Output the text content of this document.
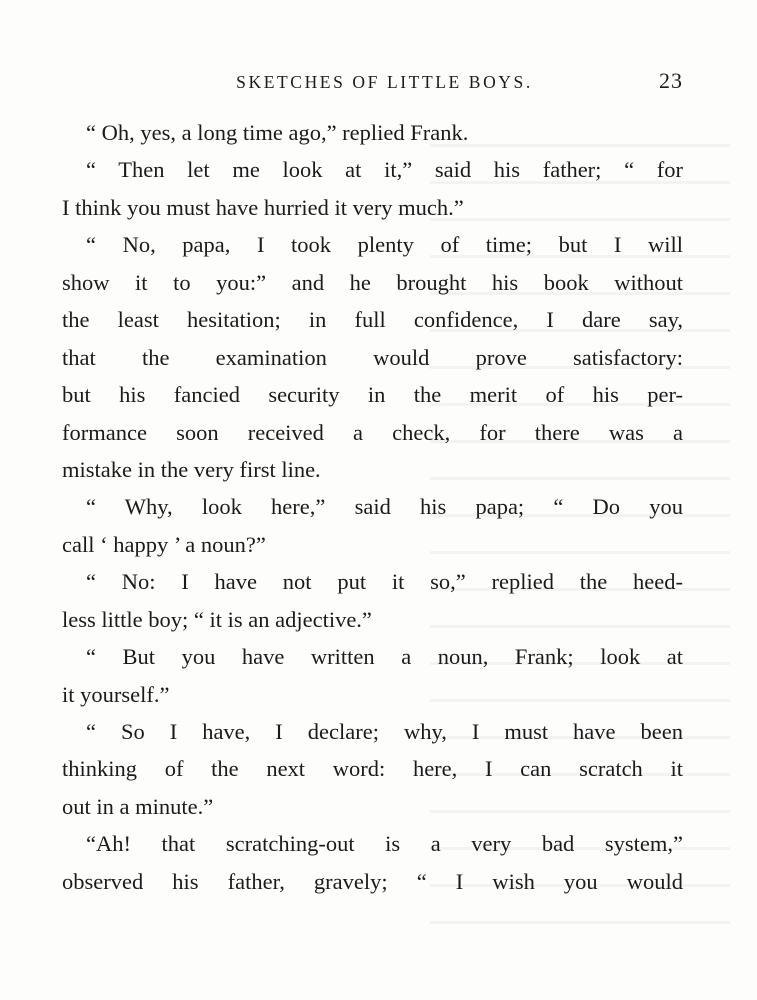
SKETCHES OF LITTLE BOYS.	23
“ Oh, yes, a long time ago,” replied Frank.
“ Then let me look at it,” said his father; “ for
I think you must have hurried it very much.”
“ No, papa, I took plenty of time; but I will
show it to you:” and he brought his book without
the least hesitation; in full confidence, I dare say,
that the examination would prove satisfactory:
but his fancied security in the merit of his per-
formance soon received a check, for there was a
mistake in the very first line.
“ Why, look here,” said his papa; “ Do you
call ‘ happy ’ a noun?”
“ No: I have not put it so,” replied the heed-
less little boy; “ it is an adjective.”
“ But you have written a noun, Frank; look at
it yourself.”
“ So I have, I declare; why, I must have been
thinking of the next word: here, I can scratch it
out in a minute.”
“Ah! that scratching-out is a very bad system,”
observed his father, gravely; “ I wish you would
